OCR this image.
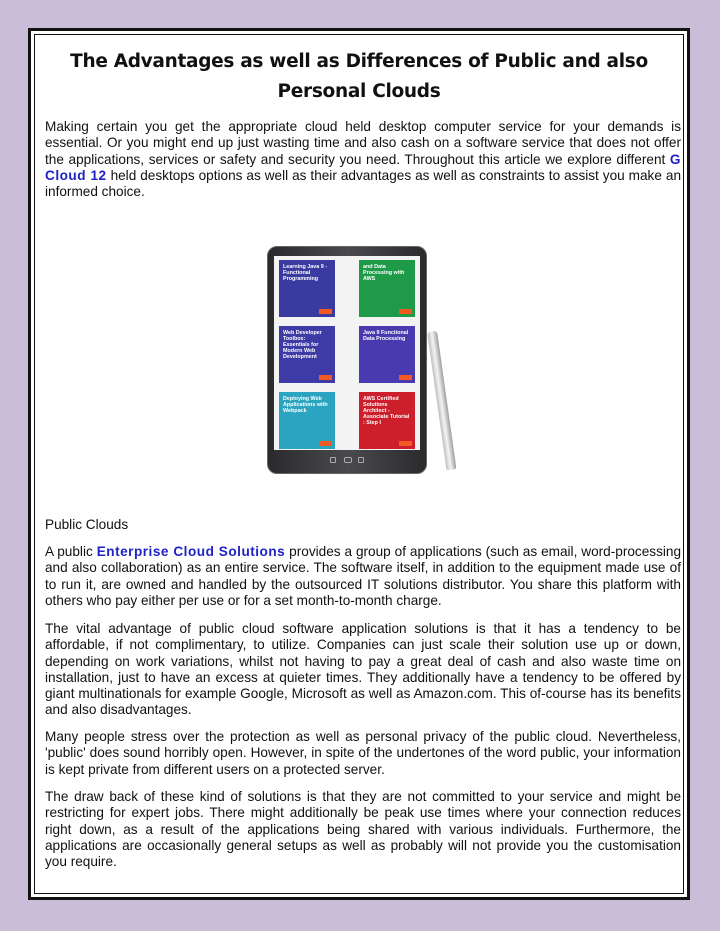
The Advantages as well as Differences of Public and also Personal Clouds

Making certain you get the appropriate cloud held desktop computer service for your demands is essential. Or you might end up just wasting time and also cash on a software service that does not offer the applications, services or safety and security you need. Throughout this article we explore different G Cloud 12 held desktops options as well as their advantages as well as constraints to assist you make an informed choice.

Learning Java 9 - Functional Programming
and Data Processing with AWS
Web Developer Toolbox: Essentials for Modern Web Development
Java 9 Functional Data Processing
Deploying Web Applications with Webpack
AWS Certified Solutions Architect -Associate Tutorial : Step I

Public Clouds

A public Enterprise Cloud Solutions provides a group of applications (such as email, word-processing and also collaboration) as an entire service. The software itself, in addition to the equipment made use of to run it, are owned and handled by the outsourced IT solutions distributor. You share this platform with others who pay either per use or for a set month-to-month charge.

The vital advantage of public cloud software application solutions is that it has a tendency to be affordable, if not complimentary, to utilize. Companies can just scale their solution use up or down, depending on work variations, whilst not having to pay a great deal of cash and also waste time on installation, just to have an excess at quieter times. They additionally have a tendency to be offered by giant multinationals for example Google, Microsoft as well as Amazon.com. This of-course has its benefits and also disadvantages.

Many people stress over the protection as well as personal privacy of the public cloud. Nevertheless, 'public' does sound horribly open. However, in spite of the undertones of the word public, your information is kept private from different users on a protected server.

The draw back of these kind of solutions is that they are not committed to your service and might be restricting for expert jobs. There might additionally be peak use times where your connection reduces right down, as a result of the applications being shared with various individuals. Furthermore, the applications are occasionally general setups as well as probably will not provide you the customisation you require.
